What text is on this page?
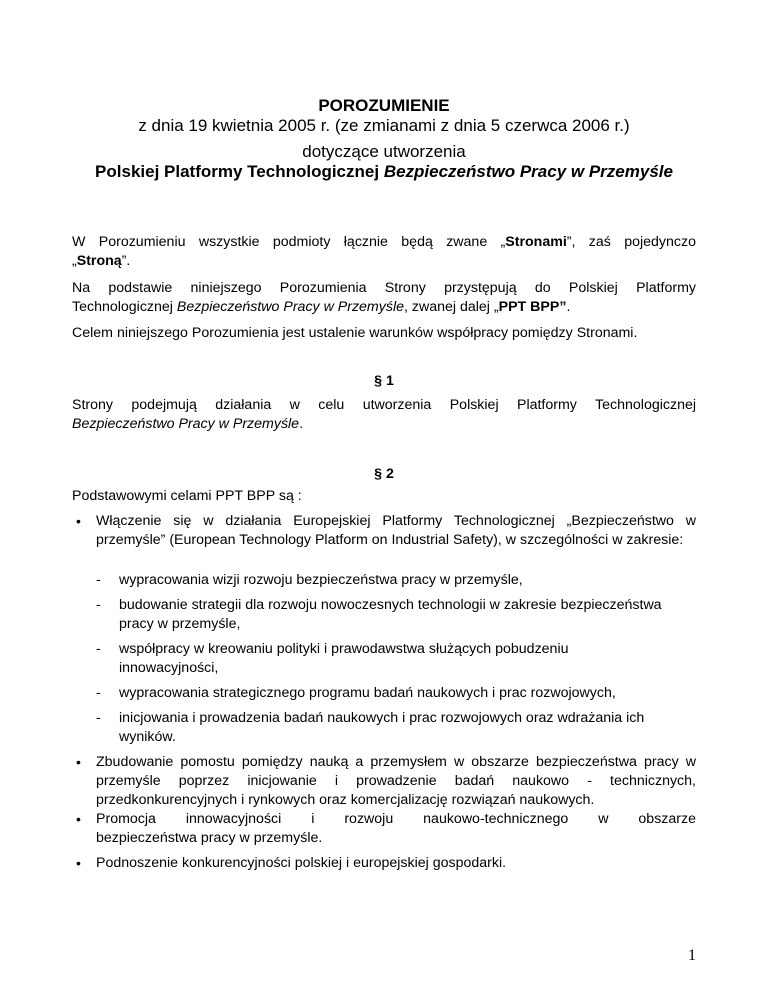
POROZUMIENIE
z dnia 19 kwietnia 2005 r. (ze zmianami z dnia 5 czerwca 2006 r.)
dotyczące utworzenia
Polskiej Platformy Technologicznej Bezpieczeństwo Pracy w Przemyśle
W Porozumieniu wszystkie podmioty łącznie będą zwane „Stronami”, zaś pojedynczo
„Stroną”.
Na podstawie niniejszego Porozumienia Strony przystępują do Polskiej Platformy
Technologicznej Bezpieczeństwo Pracy w Przemyśle, zwanej dalej „PPT BPP”.
Celem niniejszego Porozumienia jest ustalenie warunków współpracy pomiędzy Stronami.
§ 1
Strony podejmują działania w celu utworzenia Polskiej Platformy Technologicznej
Bezpieczeństwo Pracy w Przemyśle.
§ 2
Podstawowymi celami PPT BPP są :
• Włączenie się w działania Europejskiej Platformy Technologicznej „Bezpieczeństwo w przemyśle” (European Technology Platform on Industrial Safety), w szczególności w zakresie:
- wypracowania wizji rozwoju bezpieczeństwa pracy w przemyśle,
- budowanie strategii dla rozwoju nowoczesnych technologii w zakresie bezpieczeństwa pracy w przemyśle,
- współpracy w kreowaniu polityki i prawodawstwa służących pobudzeniu innowacyjności,
- wypracowania strategicznego programu badań naukowych i prac rozwojowych,
- inicjowania i prowadzenia badań naukowych i prac rozwojowych oraz wdrażania ich wyników.
• Zbudowanie pomostu pomiędzy nauką a przemysłem w obszarze bezpieczeństwa pracy w przemyśle poprzez inicjowanie i prowadzenie badań naukowo - technicznych, przedkonkurencyjnych i rynkowych oraz komercjalizację rozwiązań naukowych.
• Promocja innowacyjności i rozwoju naukowo-technicznego w obszarze
bezpieczeństwa pracy w przemyśle.
• Podnoszenie konkurencyjności polskiej i europejskiej gospodarki.
1
